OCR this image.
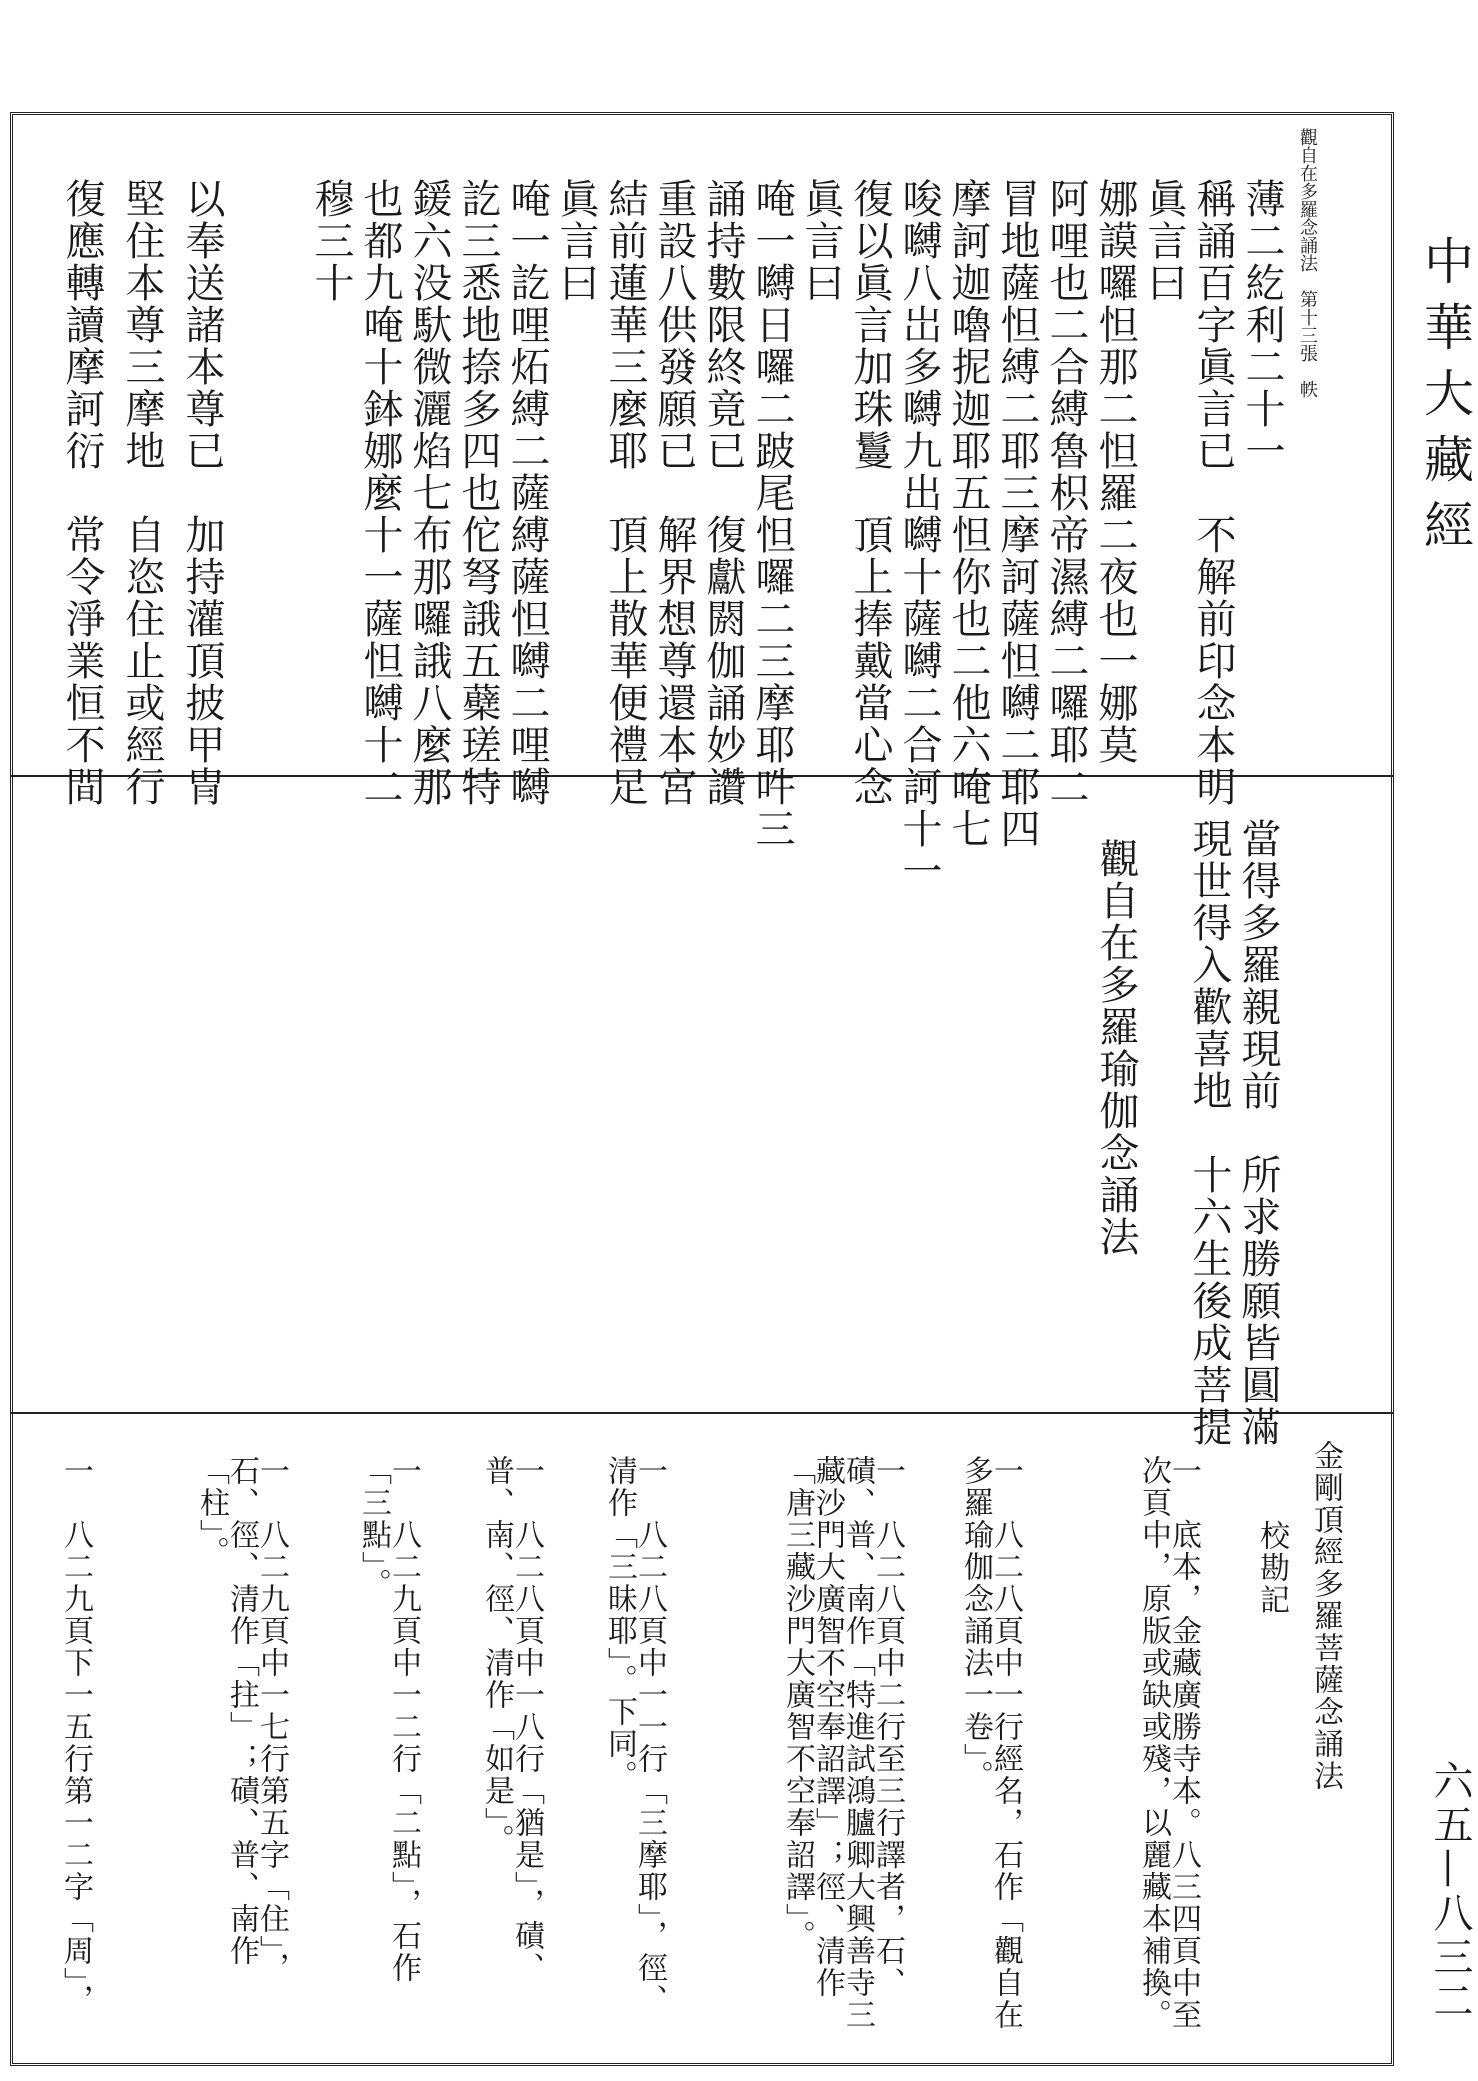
中華大藏經
六五—八三二
觀自在多羅念誦法　第十三張　帙
薄二紇利二十一
稱誦百字眞言已　不解前印念本明
眞言曰
娜謨囉怛那二怛羅二夜也一娜莫
阿哩也二合縛魯枳帝濕縛二囉耶二
冒地薩怛縛二耶三摩訶薩怛嚩二耶四
摩訶迦嚕抳迦耶五怛你也二他六唵七
唆嚩八岀多嚩九出嚩十薩嚩二合訶十一
復以眞言加珠鬘　頂上捧戴當心念
眞言曰
唵一嚩日囉二跛尾怛囉二三摩耶吽三
誦持數限終竟已　復獻閼伽誦妙讚
重設八供發願已　解界想尊還本宮
結前蓮華三麼耶　頂上散華便禮足
眞言曰
唵一訖哩炻縛二薩縛薩怛嚩二哩嚩
訖三悉地捺多四也佗弩誐五蘗瑳特
鍰六没馱微灑焰七布那囉誐八麼那
也都九唵十鉢娜麼十一薩怛嚩十二
穆三十
以奉送諸本尊已　加持灌頂披甲冑
堅住本尊三摩地　自恣住止或經行
復應轉讀摩訶衍　常令淨業恒不間
當得多羅親現前　所求勝願皆圓滿
現世得入歡喜地　十六生後成菩提
觀自在多羅瑜伽念誦法
金剛頂經多羅菩薩念誦法
校勘記
一　底本，金藏廣勝寺本。八三四頁中至次頁中，原版或缺或殘，以麗藏本補換。
一　八二八頁中一行經名，石作「觀自在多羅瑜伽念誦法一卷」。
一　八二八頁中二行至三行譯者，石、磧、普、南作「特進試鴻臚卿大興善寺三藏沙門大廣智不空奉詔譯」；徑、清作「唐三藏沙門大廣智不空奉詔譯」。
一　八二八頁中一一行「三摩耶」，徑、清作「三昧耶」。下同。
一　八二八頁中一八行「猶是」，磧、普、南、徑、清作「如是」。
一　八二九頁中一二行「二點」，石作「三點」。
一　八二九頁中一七行第五字「住」，石、徑、清作「拄」；磧、普、南作「柱」。
一　八二九頁下一五行第一二字「周」，
